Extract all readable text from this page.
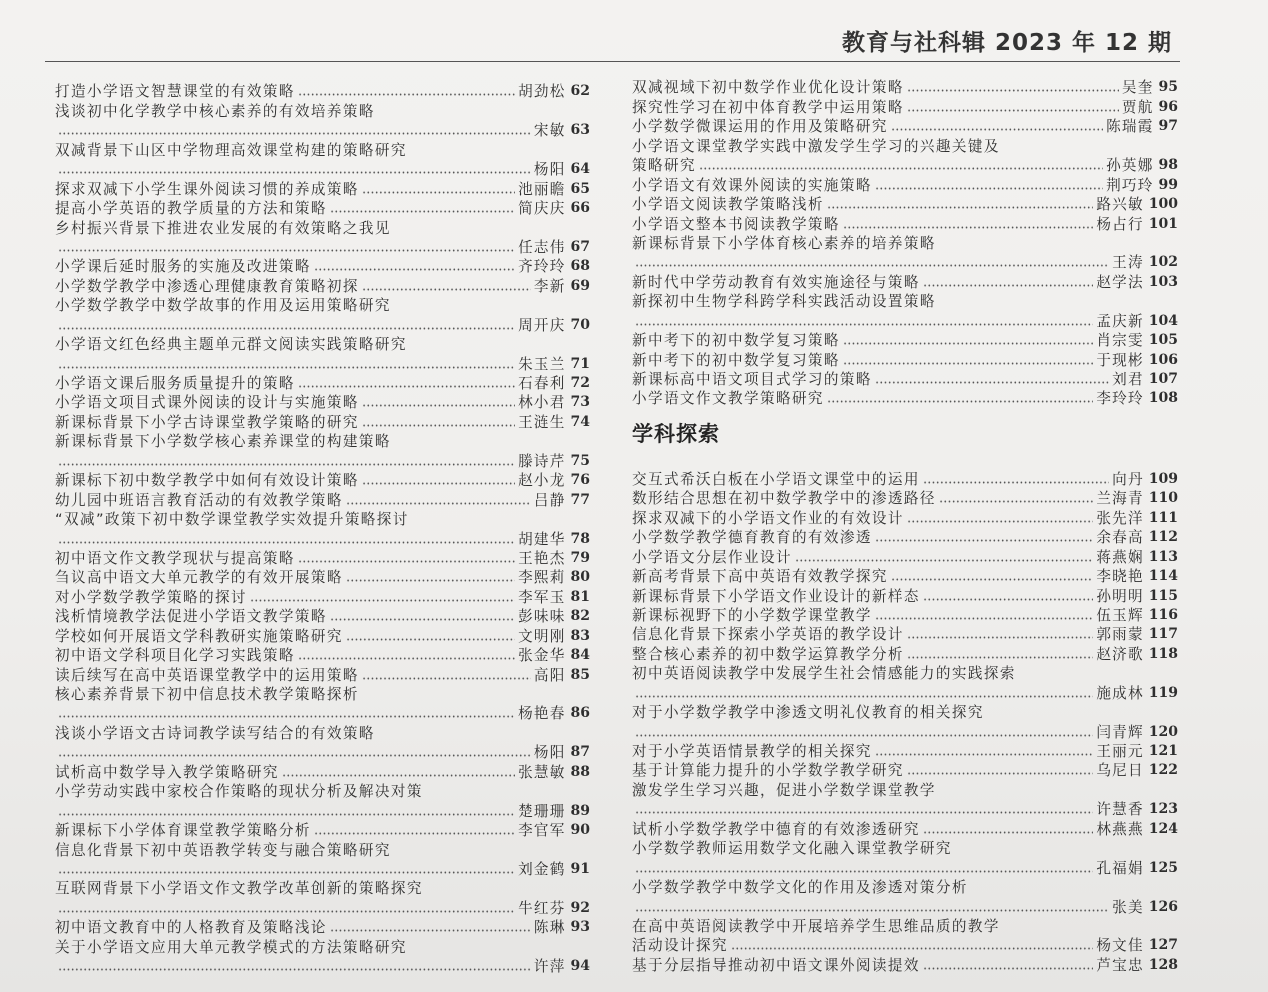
教育与社科辑 2023 年 12 期
打造小学语文智慧课堂的有效策略	胡劲松 62
浅谈初中化学教学中核心素养的有效培养策略
宋敏 63
双减背景下山区中学物理高效课堂构建的策略研究
杨阳 64
探求双减下小学生课外阅读习惯的养成策略	池丽瞻 65
提高小学英语的教学质量的方法和策略	简庆庆 66
乡村振兴背景下推进农业发展的有效策略之我见
任志伟 67
小学课后延时服务的实施及改进策略	齐玲玲 68
小学数学教学中渗透心理健康教育策略初探	李新 69
小学数学教学中数学故事的作用及运用策略研究
周开庆 70
小学语文红色经典主题单元群文阅读实践策略研究
朱玉兰 71
小学语文课后服务质量提升的策略	石春利 72
小学语文项目式课外阅读的设计与实施策略	林小君 73
新课标背景下小学古诗课堂教学策略的研究	王涟生 74
新课标背景下小学数学核心素养课堂的构建策略
滕诗芹 75
新课标下初中数学教学中如何有效设计策略	赵小龙 76
幼儿园中班语言教育活动的有效教学策略	吕静 77
“双减”政策下初中数学课堂教学实效提升策略探讨
胡建华 78
初中语文作文教学现状与提高策略	王艳杰 79
刍议高中语文大单元教学的有效开展策略	李熙莉 80
对小学数学教学策略的探讨	李军玉 81
浅析情境教学法促进小学语文教学策略	彭味味 82
学校如何开展语文学科教研实施策略研究	文明刚 83
初中语文学科项目化学习实践策略	张金华 84
读后续写在高中英语课堂教学中的运用策略	高阳 85
核心素养背景下初中信息技术教学策略探析
杨艳春 86
浅谈小学语文古诗词教学读写结合的有效策略
杨阳 87
试析高中数学导入教学策略研究	张慧敏 88
小学劳动实践中家校合作策略的现状分析及解决对策
楚珊珊 89
新课标下小学体育课堂教学策略分析	李官军 90
信息化背景下初中英语教学转变与融合策略研究
刘金鹤 91
互联网背景下小学语文作文教学改革创新的策略探究
牛红芬 92
初中语文教育中的人格教育及策略浅论	陈琳 93
关于小学语文应用大单元教学模式的方法策略研究
许萍 94
双减视域下初中数学作业优化设计策略	吴奎 95
探究性学习在初中体育教学中运用策略	贾航 96
小学数学微课运用的作用及策略研究	陈瑞霞 97
小学语文课堂教学实践中激发学生学习的兴趣关键及
策略研究	孙英娜 98
小学语文有效课外阅读的实施策略	荆巧玲 99
小学语文阅读教学策略浅析	路兴敏 100
小学语文整本书阅读教学策略	杨占行 101
新课标背景下小学体育核心素养的培养策略
王涛 102
新时代中学劳动教育有效实施途径与策略	赵学法 103
新探初中生物学科跨学科实践活动设置策略
孟庆新 104
新中考下的初中数学复习策略	肖宗雯 105
新中考下的初中数学复习策略	于现彬 106
新课标高中语文项目式学习的策略	刘君 107
小学语文作文教学策略研究	李玲玲 108
学科探索
交互式希沃白板在小学语文课堂中的运用	向丹 109
数形结合思想在初中数学教学中的渗透路径	兰海青 110
探求双减下的小学语文作业的有效设计	张先洋 111
小学数学教学德育教育的有效渗透	余春高 112
小学语文分层作业设计	蒋燕娴 113
新高考背景下高中英语有效教学探究	李晓艳 114
新课标背景下小学语文作业设计的新样态	孙明明 115
新课标视野下的小学数学课堂教学	伍玉辉 116
信息化背景下探索小学英语的教学设计	郭雨蒙 117
整合核心素养的初中数学运算教学分析	赵济歌 118
初中英语阅读教学中发展学生社会情感能力的实践探索
施成林 119
对于小学数学教学中渗透文明礼仪教育的相关探究
闫青辉 120
对于小学英语情景教学的相关探究	王丽元 121
基于计算能力提升的小学数学教学研究	乌尼日 122
激发学生学习兴趣，促进小学数学课堂教学
许慧香 123
试析小学数学教学中德育的有效渗透研究	林燕燕 124
小学数学教师运用数学文化融入课堂教学研究
孔福娟 125
小学数学教学中数学文化的作用及渗透对策分析
张美 126
在高中英语阅读教学中开展培养学生思维品质的教学
活动设计探究	杨文佳 127
基于分层指导推动初中语文课外阅读提效	芦宝忠 128
